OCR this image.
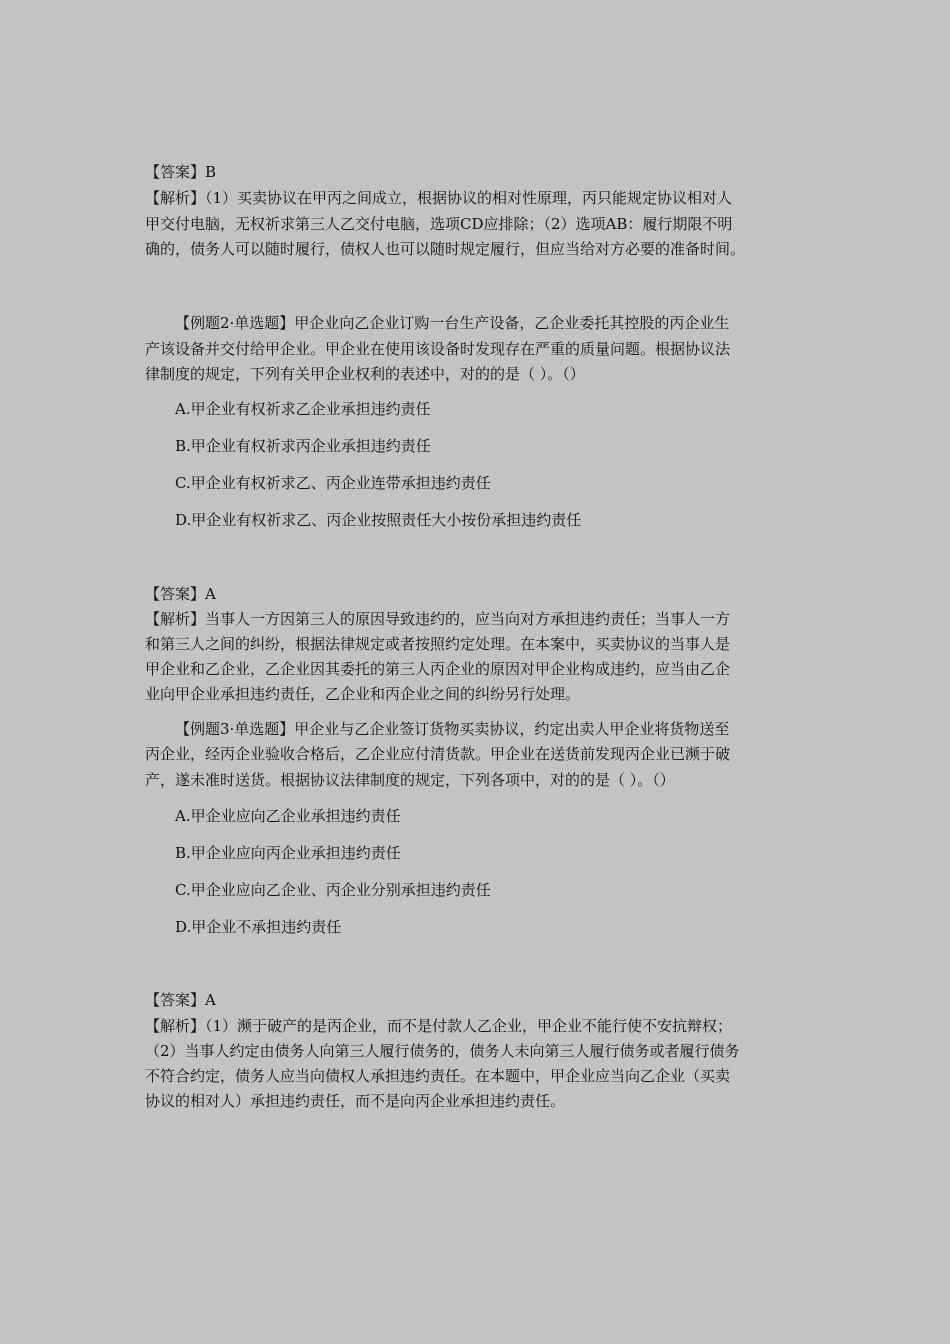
【答案】B
【解析】（1）买卖协议在甲丙之间成立，根据协议的相对性原理，丙只能规定协议相对人
甲交付电脑，无权祈求第三人乙交付电脑，选项CD应排除；（2）选项AB：履行期限不明
确的，债务人可以随时履行，债权人也可以随时规定履行，但应当给对方必要的准备时间。
【例题2·单选题】甲企业向乙企业订购一台生产设备，乙企业委托其控股的丙企业生
产该设备并交付给甲企业。甲企业在使用该设备时发现存在严重的质量问题。根据协议法
律制度的规定，下列有关甲企业权利的表述中，对的的是（ ）。（）
A.甲企业有权祈求乙企业承担违约责任
B.甲企业有权祈求丙企业承担违约责任
C.甲企业有权祈求乙、丙企业连带承担违约责任
D.甲企业有权祈求乙、丙企业按照责任大小按份承担违约责任
【答案】A
【解析】当事人一方因第三人的原因导致违约的，应当向对方承担违约责任；当事人一方
和第三人之间的纠纷，根据法律规定或者按照约定处理。在本案中，买卖协议的当事人是
甲企业和乙企业，乙企业因其委托的第三人丙企业的原因对甲企业构成违约，应当由乙企
业向甲企业承担违约责任，乙企业和丙企业之间的纠纷另行处理。
【例题3·单选题】甲企业与乙企业签订货物买卖协议，约定出卖人甲企业将货物送至
丙企业，经丙企业验收合格后，乙企业应付清货款。甲企业在送货前发现丙企业已濒于破
产，遂未准时送货。根据协议法律制度的规定，下列各项中，对的的是（ ）。（）
A.甲企业应向乙企业承担违约责任
B.甲企业应向丙企业承担违约责任
C.甲企业应向乙企业、丙企业分别承担违约责任
D.甲企业不承担违约责任
【答案】A
【解析】（1）濒于破产的是丙企业，而不是付款人乙企业，甲企业不能行使不安抗辩权；
（2）当事人约定由债务人向第三人履行债务的，债务人未向第三人履行债务或者履行债务
不符合约定，债务人应当向债权人承担违约责任。在本题中，甲企业应当向乙企业（买卖
协议的相对人）承担违约责任，而不是向丙企业承担违约责任。
